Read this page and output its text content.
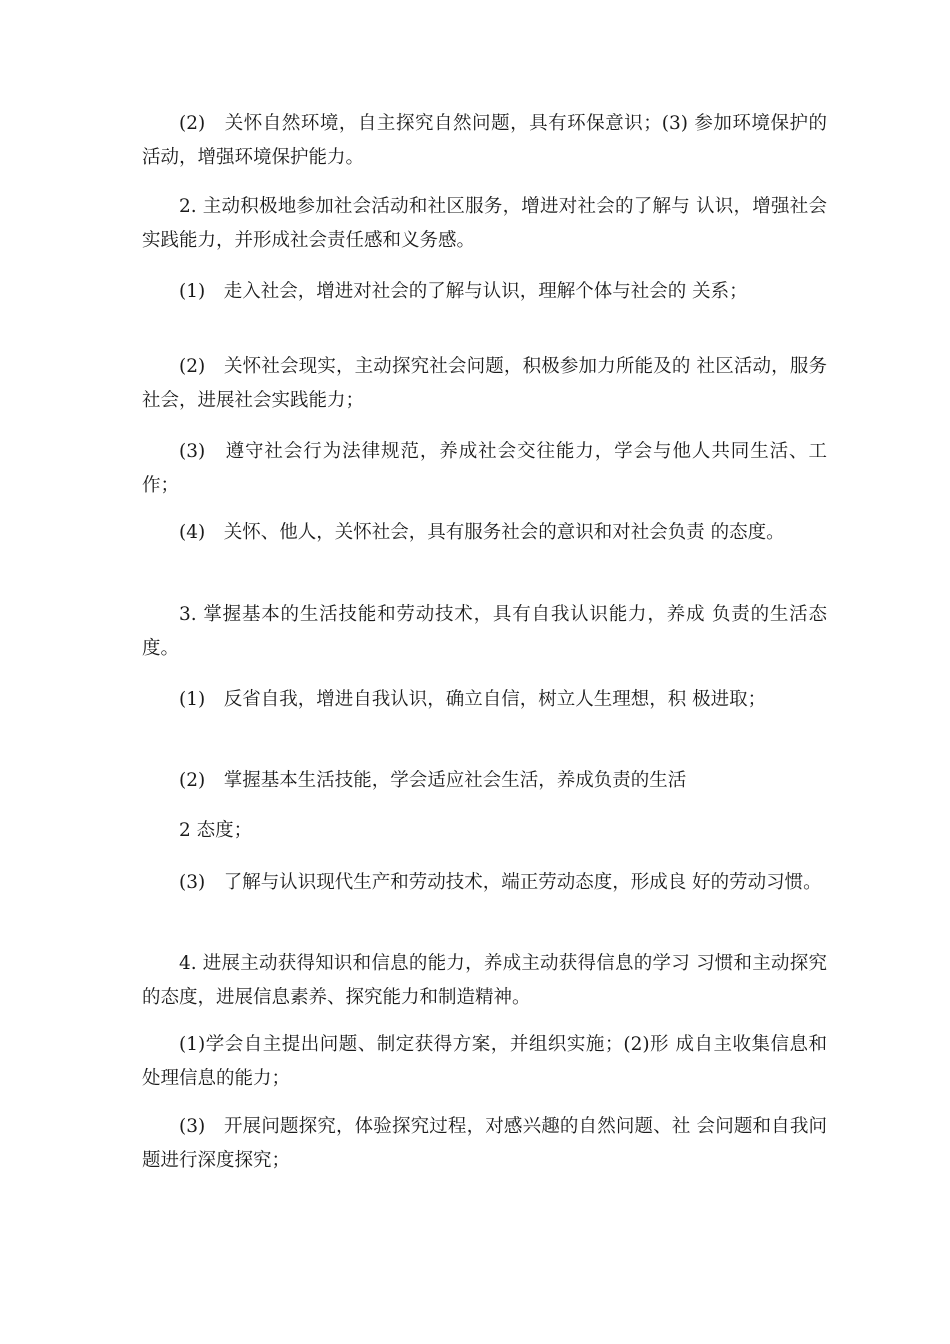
(2)　关怀自然环境，自主探究自然问题，具有环保意识；(3) 参加环境保护的活动，增强环境保护能力。

2. 主动积极地参加社会活动和社区服务，增进对社会的了解与 认识，增强社会实践能力，并形成社会责任感和义务感。

(1)　走入社会，增进对社会的了解与认识，理解个体与社会的 关系；

(2)　关怀社会现实，主动探究社会问题，积极参加力所能及的 社区活动，服务社会，进展社会实践能力；

(3)　遵守社会行为法律规范，养成社会交往能力，学会与他人共同生活、工作；

(4)　关怀、他人，关怀社会，具有服务社会的意识和对社会负责 的态度。

3. 掌握基本的生活技能和劳动技术，具有自我认识能力，养成 负责的生活态度。

(1)　反省自我，增进自我认识，确立自信，树立人生理想，积 极进取；

(2)　掌握基本生活技能，学会适应社会生活，养成负责的生活

2 态度；

(3)　了解与认识现代生产和劳动技术，端正劳动态度，形成良 好的劳动习惯。

4. 进展主动获得知识和信息的能力，养成主动获得信息的学习 习惯和主动探究的态度，进展信息素养、探究能力和制造精神。

(1)学会自主提出问题、制定获得方案，并组织实施；(2)形 成自主收集信息和处理信息的能力；

(3)　开展问题探究，体验探究过程，对感兴趣的自然问题、社 会问题和自我问题进行深度探究；
